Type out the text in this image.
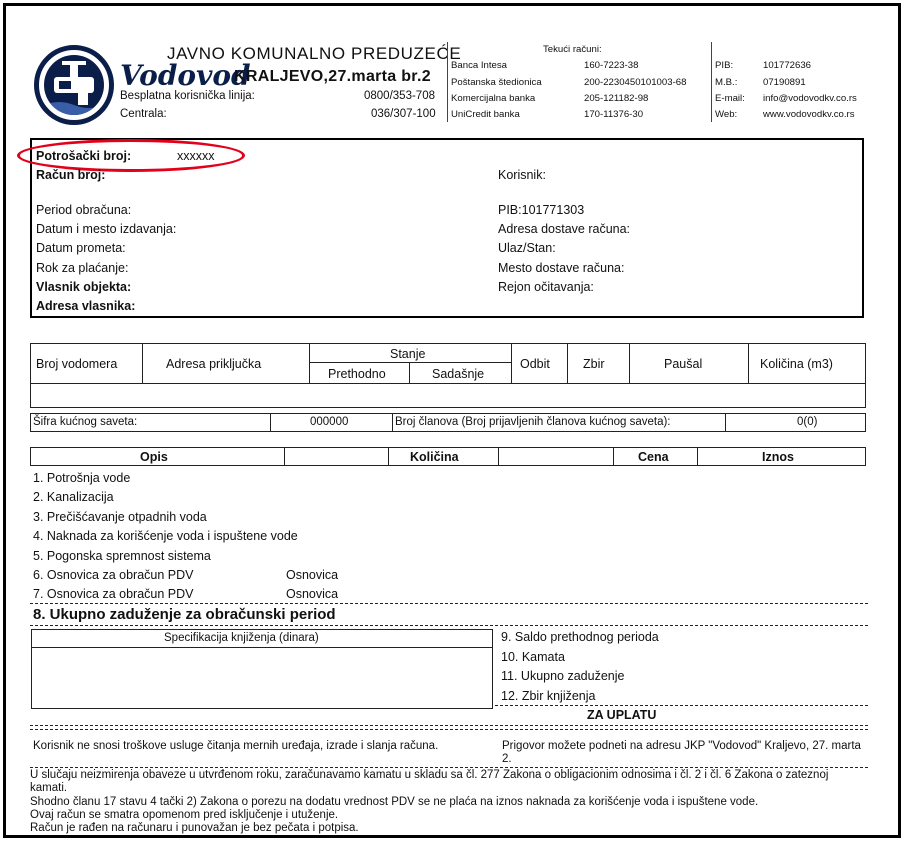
JAVNO KOMUNALNO PREDUZEĆE
Vodovod
KRALJEVO,27.marta br.2
Besplatna korisnička linija:	0800/353-708
Centrala:	036/307-100
Tekući računi:
Banca Intesa	160-7223-38
Poštanska štedionica	200-2230450101003-68
Komercijalna banka	205-121182-98
UniCredit banka	170-11376-30
PIB:	101772636
M.B.:	07190891
E-mail: info@vodovodkv.co.rs
Web:	www.vodovodkv.co.rs
Potrošački broj:	xxxxxx
Račun broj:	Korisnik:
Period obračuna:
Datum i mesto izdavanja:
Datum prometa:
Rok za plaćanje:
Vlasnik objekta:
Adresa vlasnika:
PIB:101771303
Adresa dostave računa:
Ulaz/Stan:
Mesto dostave računa:
Rejon očitavanja:
Broj vodomera	Adresa priključka
Stanje
Prethodno	Sadašnje
Odbit	Zbir	Paušal	Količina (m3)
Šifra kućnog saveta:	000000	Broj članova (Broj prijavljenih članova kućnog saveta):	0(0)
Opis	Količina	Cena	Iznos
1. Potrošnja vode
2. Kanalizacija
3. Prečišćavanje otpadnih voda
4. Naknada za korišćenje voda i ispuštene vode
5. Pogonska spremnost sistema
6. Osnovica za obračun PDV	Osnovica
7. Osnovica za obračun PDV	Osnovica
8. Ukupno zaduženje za obračunski period
Specifikacija knjiženja (dinara)	9. Saldo prethodnog perioda
10. Kamata
11. Ukupno zaduženje
12. Zbir knjiženja
ZA UPLATU
Korisnik ne snosi troškove usluge čitanja mernih uređaja, izrade i slanja računa.	Prigovor možete podneti na adresu JKP "Vodovod" Kraljevo, 27. marta 2.
U slučaju neizmirenja obaveze u utvrđenom roku, zaračunavamo kamatu u skladu sa čl. 277 Zakona o obligacionim odnosima i čl. 2 i čl. 6 Zakona o zateznoj kamati.
Shodno članu 17 stavu 4 tački 2) Zakona o porezu na dodatu vrednost PDV se ne plaća na iznos naknada za korišćenje voda i ispuštene vode.
Ovaj račun se smatra opomenom pred isključenje i utuženje.
Račun je rađen na računaru i punovažan je bez pečata i potpisa.
